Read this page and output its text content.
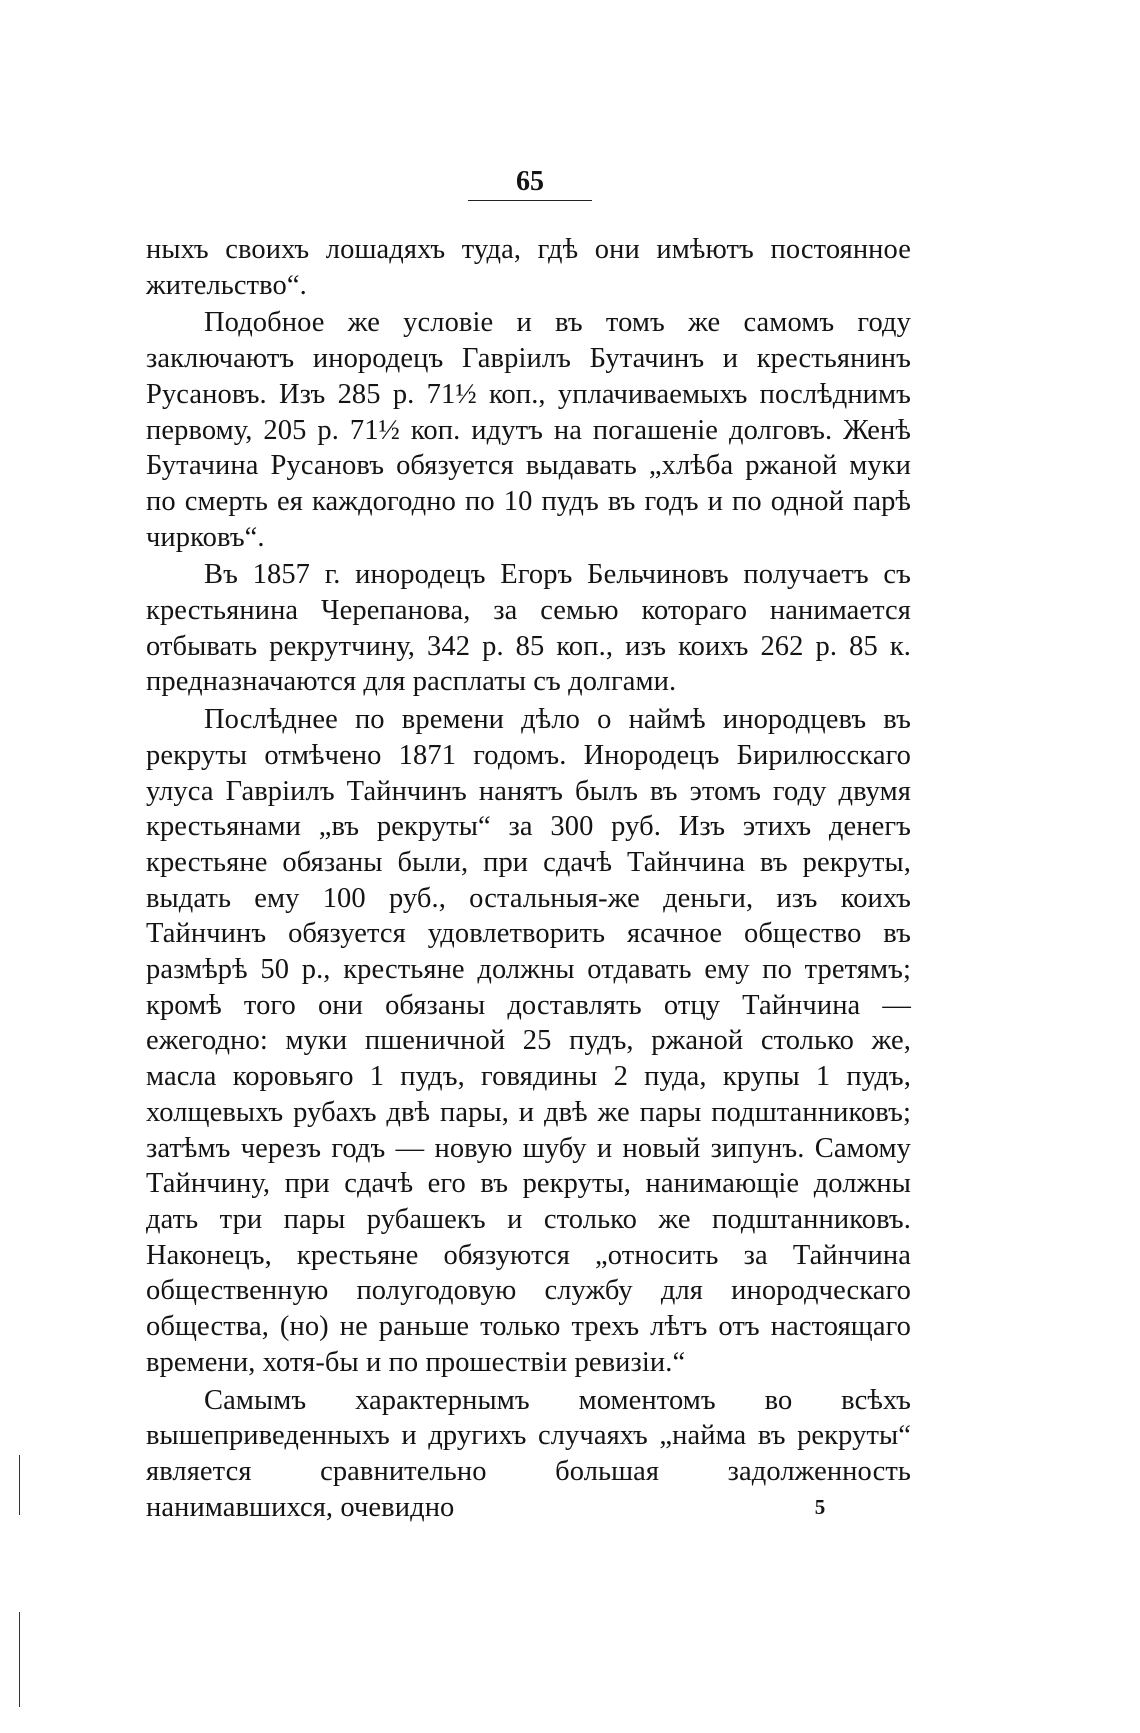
65

ныхъ своихъ лошадяхъ туда, гдѣ они имѣютъ постоянное жительство“.

Подобное же условіе и въ томъ же самомъ году заключаютъ инородецъ Гавріилъ Бутачинъ и крестьянинъ Русановъ. Изъ 285 р. 71½ коп., уплачиваемыхъ послѣднимъ первому, 205 р. 71½ коп. идутъ на погашеніе долговъ. Женѣ Бутачина Русановъ обязуется выдавать „хлѣба ржаной муки по смерть ея каждогодно по 10 пудъ въ годъ и по одной парѣ чирковъ“.

Въ 1857 г. инородецъ Егоръ Бельчиновъ получаетъ съ крестьянина Черепанова, за семью котораго нанимается отбывать рекрутчину, 342 р. 85 коп., изъ коихъ 262 р. 85 к. предназначаются для расплаты съ долгами.

Послѣднее по времени дѣло о наймѣ инородцевъ въ рекруты отмѣчено 1871 годомъ. Инородецъ Бирилюсскаго улуса Гавріилъ Тайнчинъ нанятъ былъ въ этомъ году двумя крестьянами „въ рекруты“ за 300 руб. Изъ этихъ денегъ крестьяне обязаны были, при сдачѣ Тайнчина въ рекруты, выдать ему 100 руб., остальныя-же деньги, изъ коихъ Тайнчинъ обязуется удовлетворить ясачное общество въ размѣрѣ 50 р., крестьяне должны отдавать ему по третямъ; кромѣ того они обязаны доставлять отцу Тайнчина — ежегодно: муки пшеничной 25 пудъ, ржаной столько же, масла коровьяго 1 пудъ, говядины 2 пуда, крупы 1 пудъ, холщевыхъ рубахъ двѣ пары, и двѣ же пары подштанниковъ; затѣмъ черезъ годъ — новую шубу и новый зипунъ. Самому Тайнчину, при сдачѣ его въ рекруты, нанимающіе должны дать три пары рубашекъ и столько же подштанниковъ. Наконецъ, крестьяне обязуются „относить за Тайнчина общественную полугодовую службу для инородческаго общества, (но) не раньше только трехъ лѣтъ отъ настоящаго времени, хотя-бы и по прошествіи ревизіи.“

Самымъ характернымъ моментомъ во всѣхъ вышеприведенныхъ и другихъ случаяхъ „найма въ рекруты“ является сравнительно большая задолженность нанимавшихся, очевидно	5
